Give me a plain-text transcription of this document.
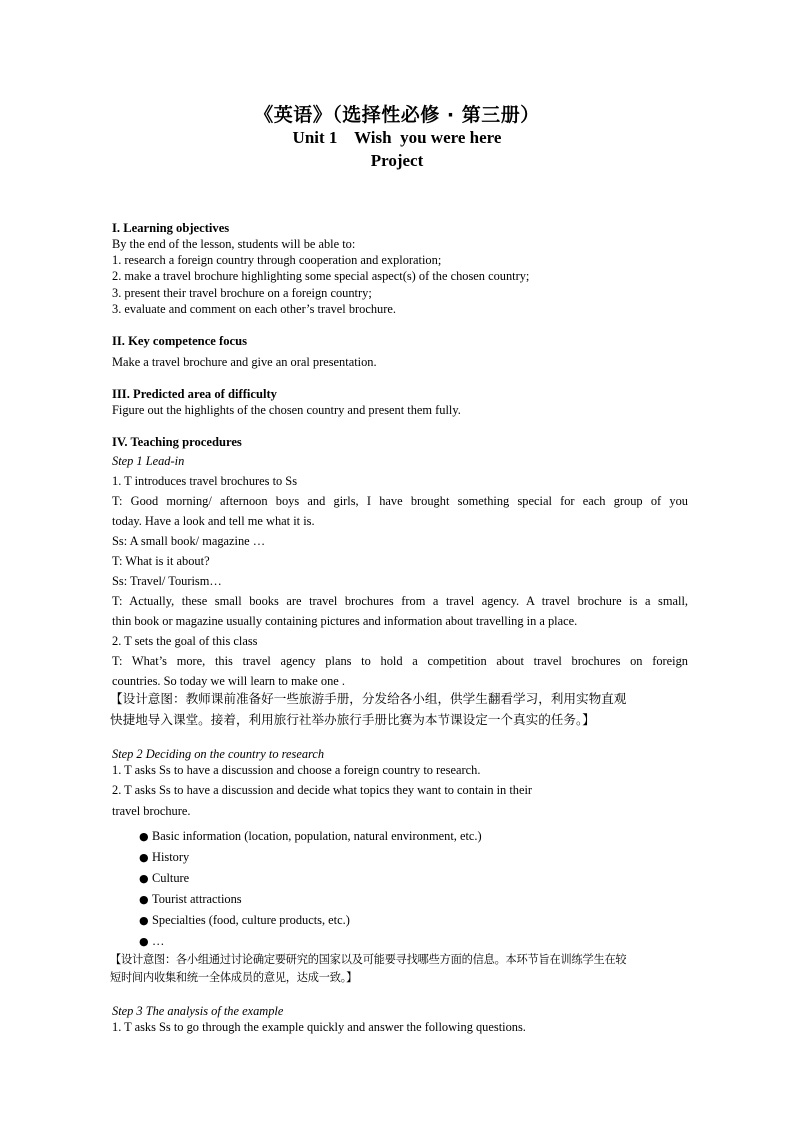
《英语》（选择性必修 · 第三册）
Unit 1    Wish  you were here
Project
I. Learning objectives
By the end of the lesson, students will be able to:
1. research a foreign country through cooperation and exploration;
2. make a travel brochure highlighting some special aspect(s) of the chosen country;
3. present their travel brochure on a foreign country;
3. evaluate and comment on each other’s travel brochure.
II. Key competence focus
Make a travel brochure and give an oral presentation.
III. Predicted area of difficulty
Figure out the highlights of the chosen country and present them fully.
IV. Teaching procedures
Step 1 Lead-in
1. T introduces travel brochures to Ss
T: Good morning/ afternoon boys and girls, I have brought something special for each group of you
today. Have a look and tell me what it is.
Ss: A small book/ magazine …
T: What is it about?
Ss: Travel/ Tourism…
T: Actually, these small books are travel brochures from a travel agency. A travel brochure is a small,
thin book or magazine usually containing pictures and information about travelling in a place.
2. T sets the goal of this class
T: What’s more, this travel agency plans to hold a competition about travel brochures on foreign
countries. So today we will learn to make one .
【设计意图：教师课前准备好一些旅游手册，分发给各小组，供学生翻看学习，利用实物直观
快捷地导入课堂。接着，利用旅行社举办旅行手册比赛为本节课设定一个真实的任务。】
Step 2 Deciding on the country to research
1. T asks Ss to have a discussion and choose a foreign country to research.
2. T asks Ss to have a discussion and decide what topics they want to contain in their
travel brochure.
● Basic information (location, population, natural environment, etc.)
● History
● Culture
● Tourist attractions
● Specialties (food, culture products, etc.)
● …
【设计意图：各小组通过讨论确定要研究的国家以及可能要寻找哪些方面的信息。本环节旨在训练学生在较
短时间内收集和统一全体成员的意见，达成一致。】
Step 3 The analysis of the example
1. T asks Ss to go through the example quickly and answer the following questions.
